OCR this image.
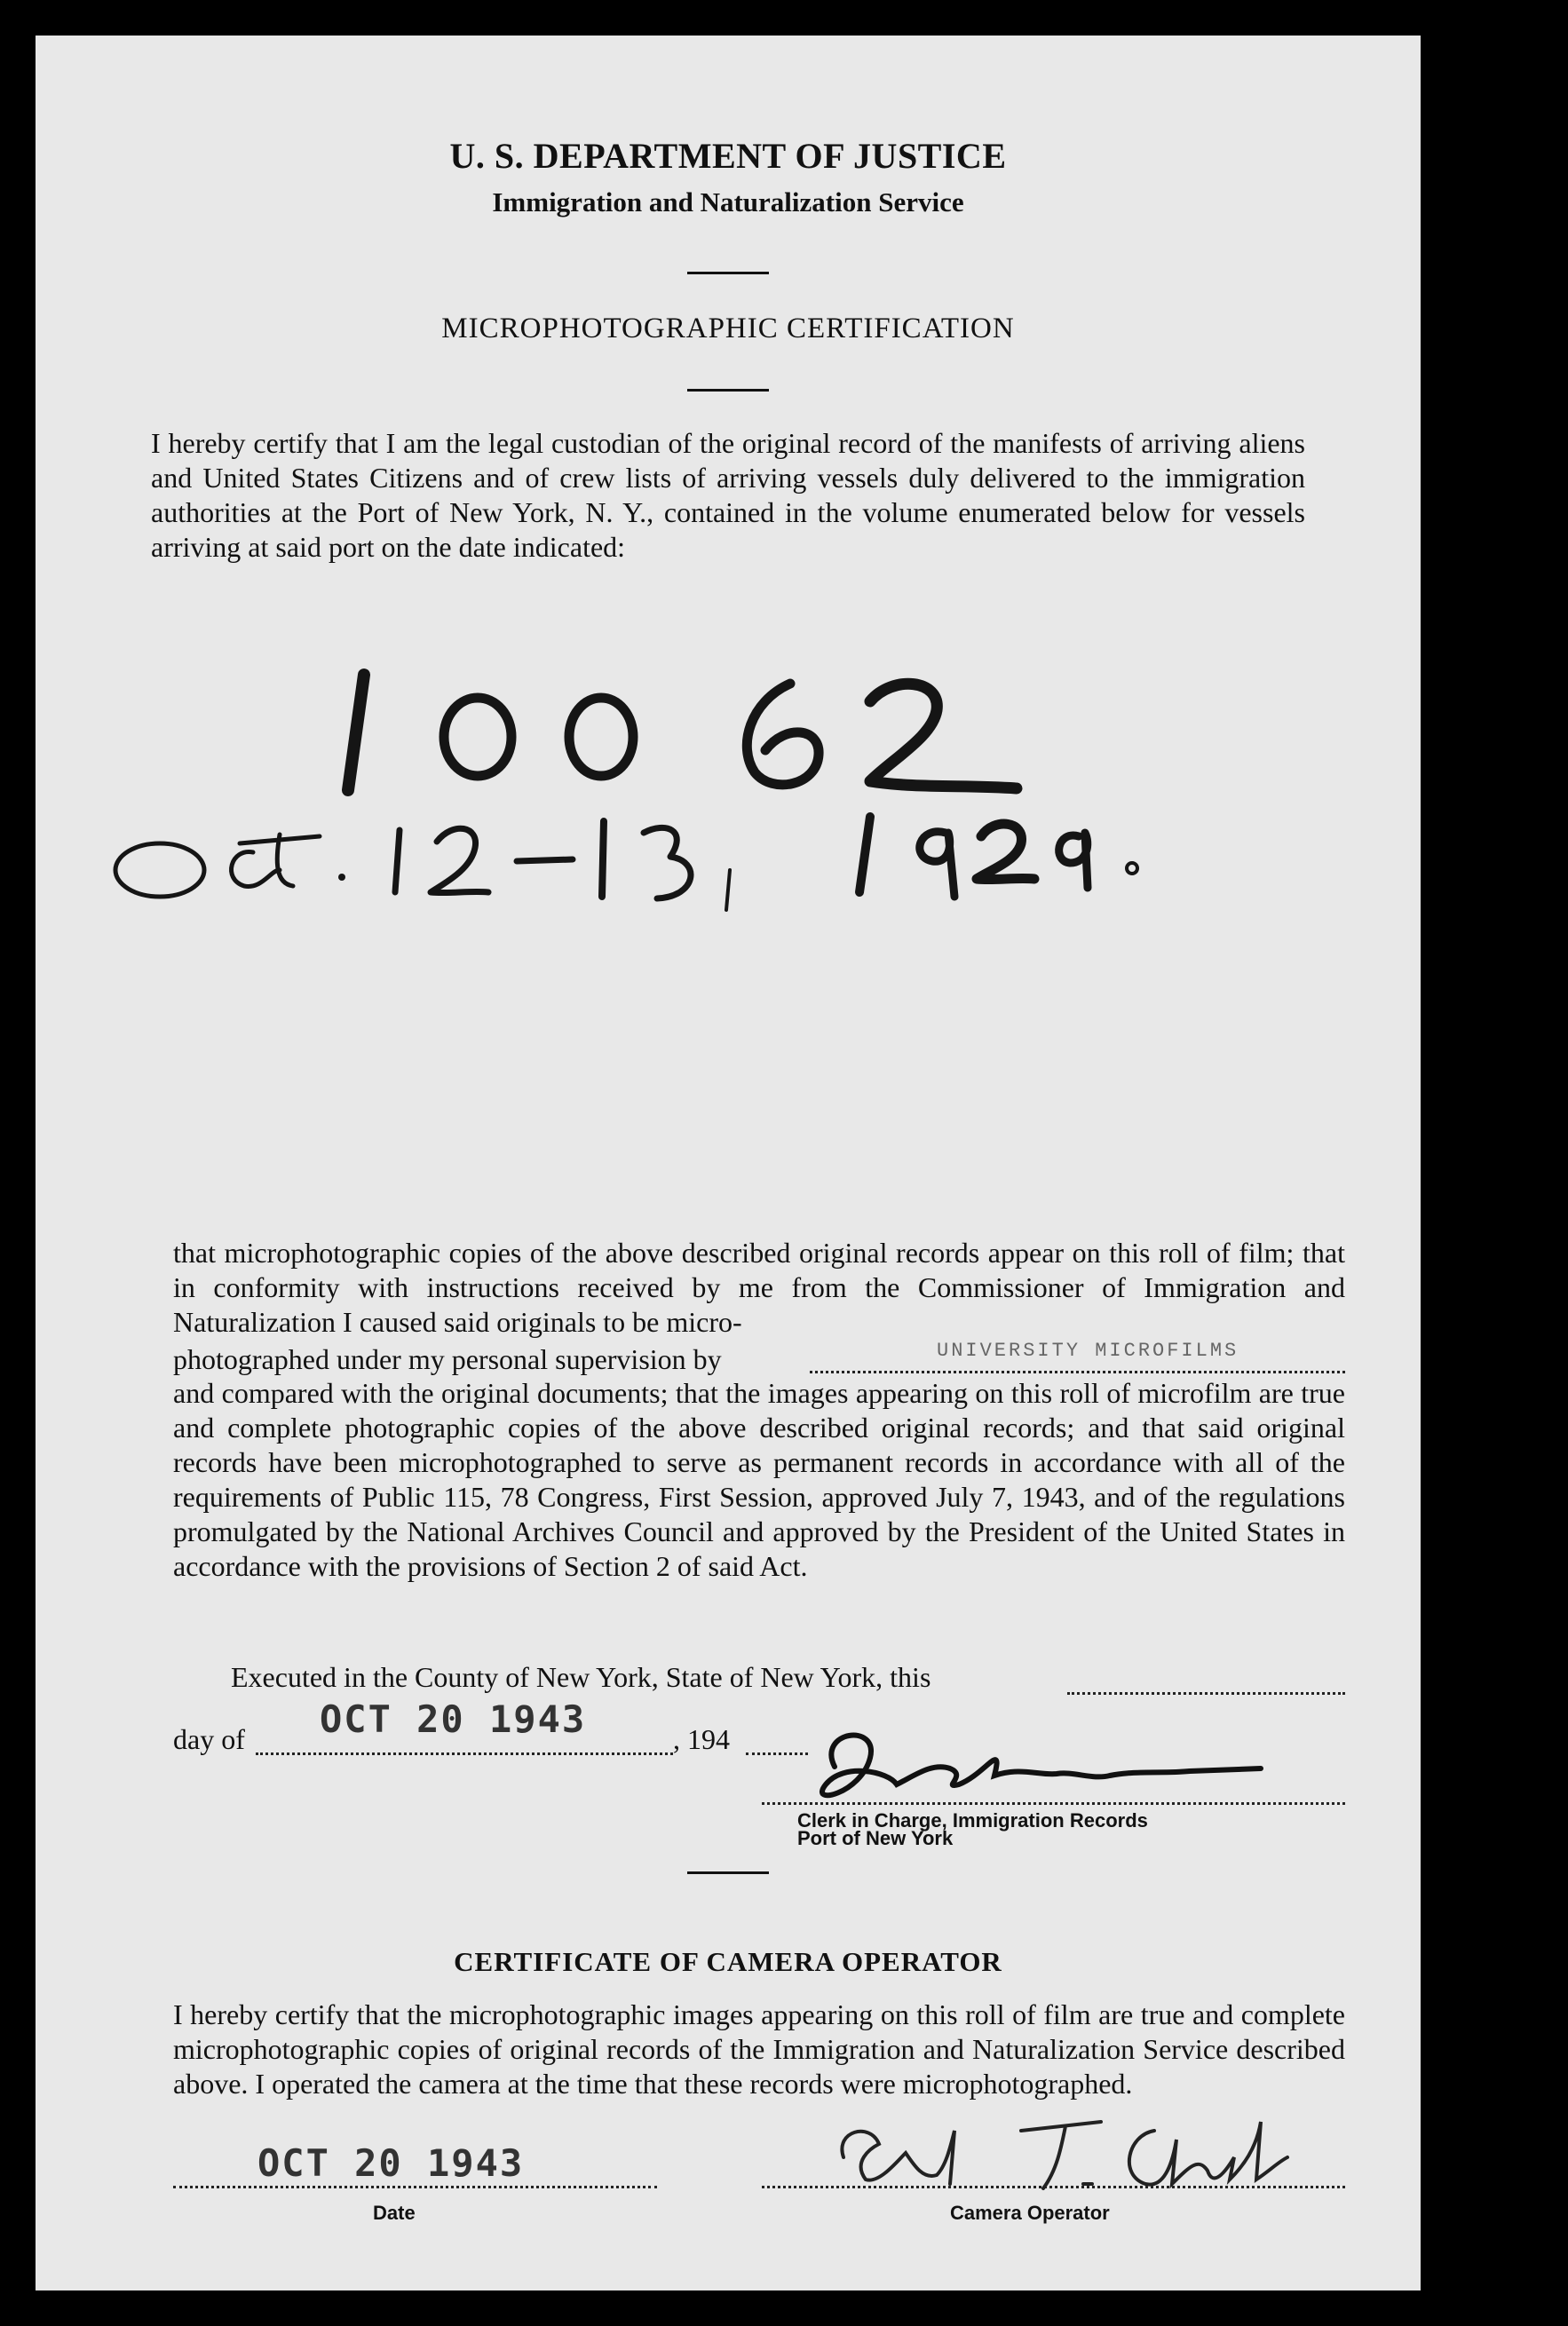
U. S. DEPARTMENT OF JUSTICE
Immigration and Naturalization Service
MICROPHOTOGRAPHIC CERTIFICATION
I hereby certify that I am the legal custodian of the original record of the manifests of arriving aliens and United States Citizens and of crew lists of arriving vessels duly delivered to the immigration authorities at the Port of New York, N. Y., contained in the volume enumerated below for vessels arriving at said port on the date indicated:
that microphotographic copies of the above described original records appear on this roll of film; that in conformity with instructions received by me from the Commissioner of Immigration and Naturalization I caused said originals to be micro-
photographed under my personal supervision by	UNIVERSITY MICROFILMS
and compared with the original documents; that the images appearing on this roll of microfilm are true and complete photographic copies of the above described original records; and that said original records have been microphotographed to serve as permanent records in accordance with all of the requirements of Public 115, 78 Congress, First Session, approved July 7, 1943, and of the regulations promulgated by the National Archives Council and approved by the President of the United States in accordance with the provisions of Section 2 of said Act.
Executed in the County of New York, State of New York, this
day of OCT 20 1943	, 194
Clerk in Charge, Immigration Records
Port of New York
CERTIFICATE OF CAMERA OPERATOR
I hereby certify that the microphotographic images appearing on this roll of film are true and complete microphotographic copies of original records of the Immigration and Naturalization Service described above. I operated the camera at the time that these records were microphotographed.
OCT 20 1943
Date	Camera Operator
